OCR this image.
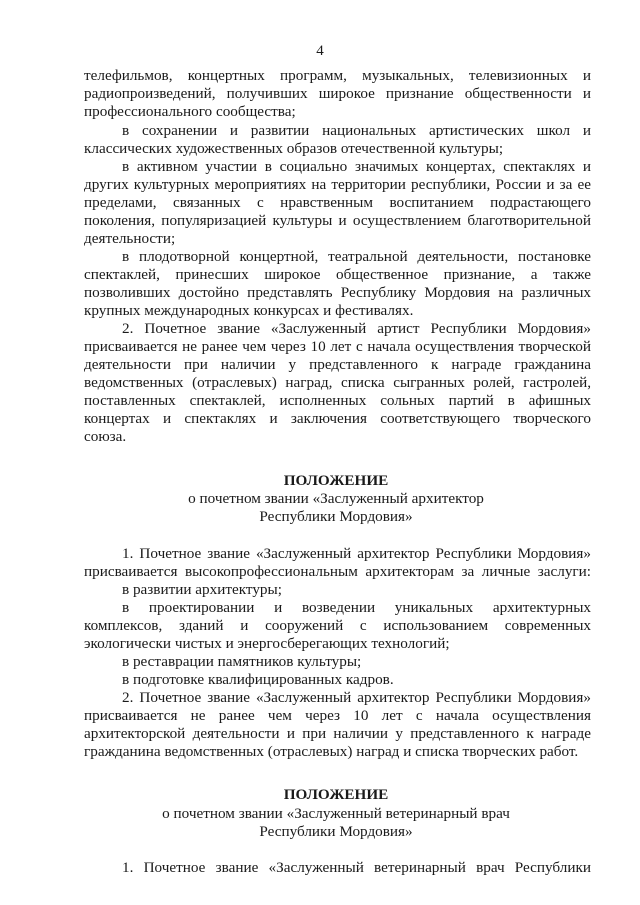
4

телефильмов, концертных программ, музыкальных, телевизионных и

радиопроизведений, получивших широкое признание общественности и

профессионального сообщества;

в сохранении и развитии национальных артистических школ и

классических художественных образов отечественной культуры;

в активном участии в социально значимых концертах, спектаклях и

других культурных мероприятиях на территории республики, России и за ее

пределами, связанных с нравственным воспитанием подрастающего

поколения, популяризацией культуры и осуществлением благотворительной

деятельности;

в плодотворной концертной, театральной деятельности, постановке

спектаклей, принесших широкое общественное признание, а также

позволивших достойно представлять Республику Мордовия на различных

крупных международных конкурсах и фестивалях.

2. Почетное звание «Заслуженный артист Республики Мордовия»

присваивается не ранее чем через 10 лет с начала осуществления творческой

деятельности при наличии у представленного к награде гражданина

ведомственных (отраслевых) наград, списка сыгранных ролей, гастролей,

поставленных спектаклей, исполненных сольных партий в афишных

концертах и спектаклях и заключения соответствующего творческого

союза.

ПОЛОЖЕНИЕ

о почетном звании «Заслуженный архитектор

Республики Мордовия»

1. Почетное звание «Заслуженный архитектор Республики Мордовия»

присваивается высокопрофессиональным архитекторам за личные заслуги:

в развитии архитектуры;

в проектировании и возведении уникальных архитектурных

комплексов, зданий и сооружений с использованием современных

экологически чистых и энергосберегающих технологий;

в реставрации памятников культуры;

в подготовке квалифицированных кадров.

2. Почетное звание «Заслуженный архитектор Республики Мордовия»

присваивается не ранее чем через 10 лет с начала осуществления

архитекторской деятельности и при наличии у представленного к награде

гражданина ведомственных (отраслевых) наград и списка творческих работ.

ПОЛОЖЕНИЕ

о почетном звании «Заслуженный ветеринарный врач

Республики Мордовия»

1. Почетное звание «Заслуженный ветеринарный врач Республики
